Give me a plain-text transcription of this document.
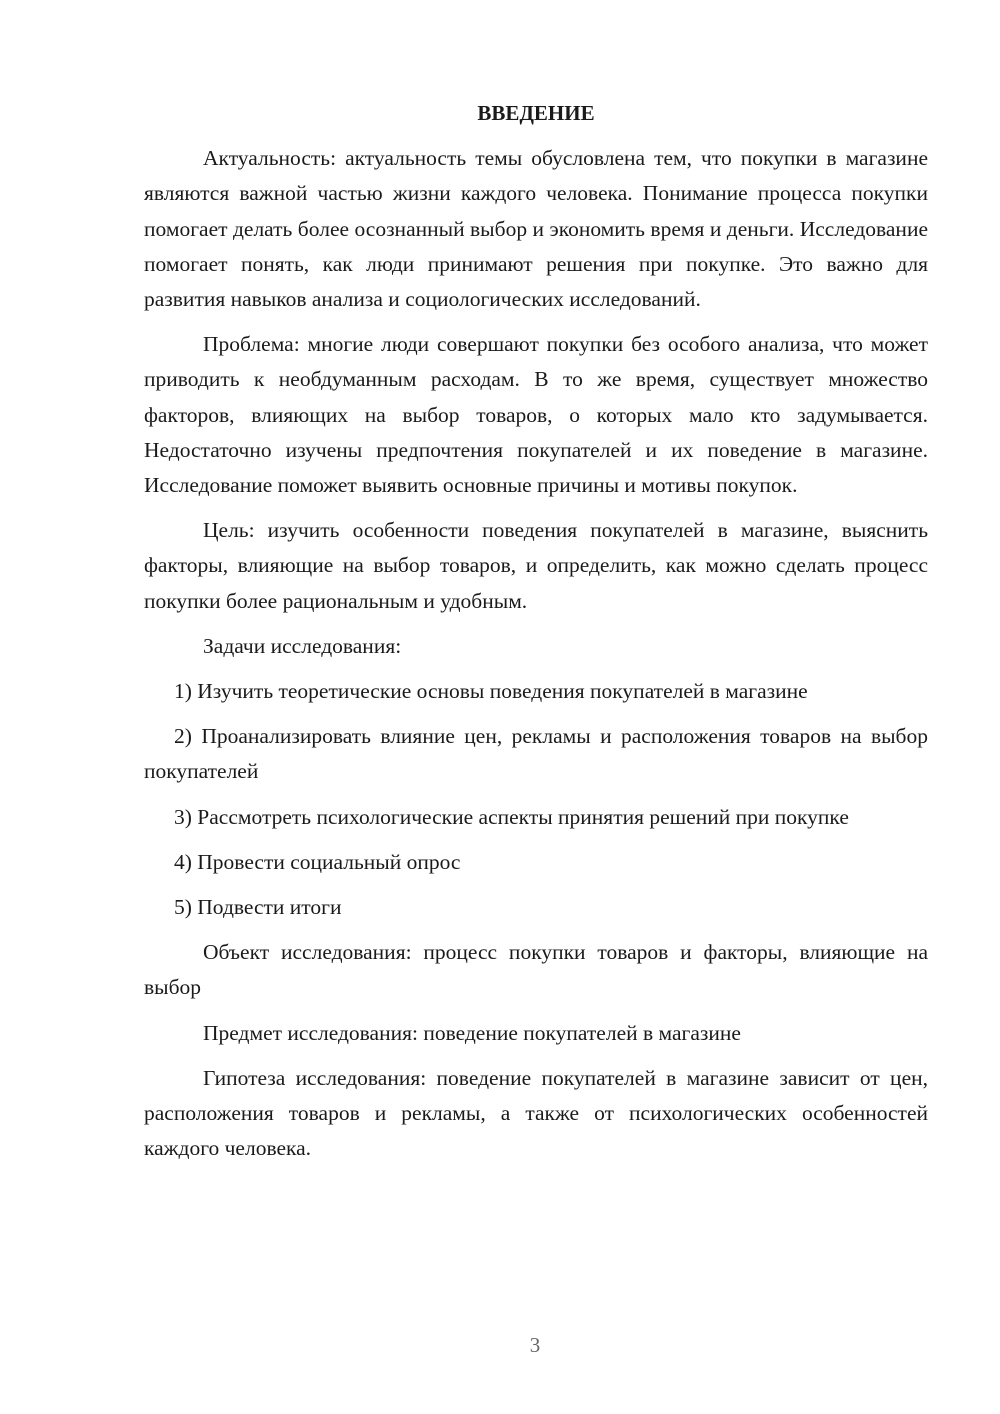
ВВЕДЕНИЕ

Актуальность: актуальность темы обусловлена тем, что покупки в магазине являются важной частью жизни каждого человека. Понимание процесса покупки помогает делать более осознанный выбор и экономить время и деньги. Исследование помогает понять, как люди принимают решения при покупке. Это важно для развития навыков анализа и социологических исследований.

Проблема: многие люди совершают покупки без особого анализа, что может приводить к необдуманным расходам. В то же время, существует множество факторов, влияющих на выбор товаров, о которых мало кто задумывается. Недостаточно изучены предпочтения покупателей и их поведение в магазине. Исследование поможет выявить основные причины и мотивы покупок.

Цель: изучить особенности поведения покупателей в магазине, выяснить факторы, влияющие на выбор товаров, и определить, как можно сделать процесс покупки более рациональным и удобным.

Задачи исследования:

1) Изучить теоретические основы поведения покупателей в магазине

2) Проанализировать влияние цен, рекламы и расположения товаров на выбор покупателей

3) Рассмотреть психологические аспекты принятия решений при покупке

4) Провести социальный опрос

5) Подвести итоги

Объект исследования: процесс покупки товаров и факторы, влияющие на выбор

Предмет исследования: поведение покупателей в магазине

Гипотеза исследования: поведение покупателей в магазине зависит от цен, расположения товаров и рекламы, а также от психологических особенностей каждого человека.

3
